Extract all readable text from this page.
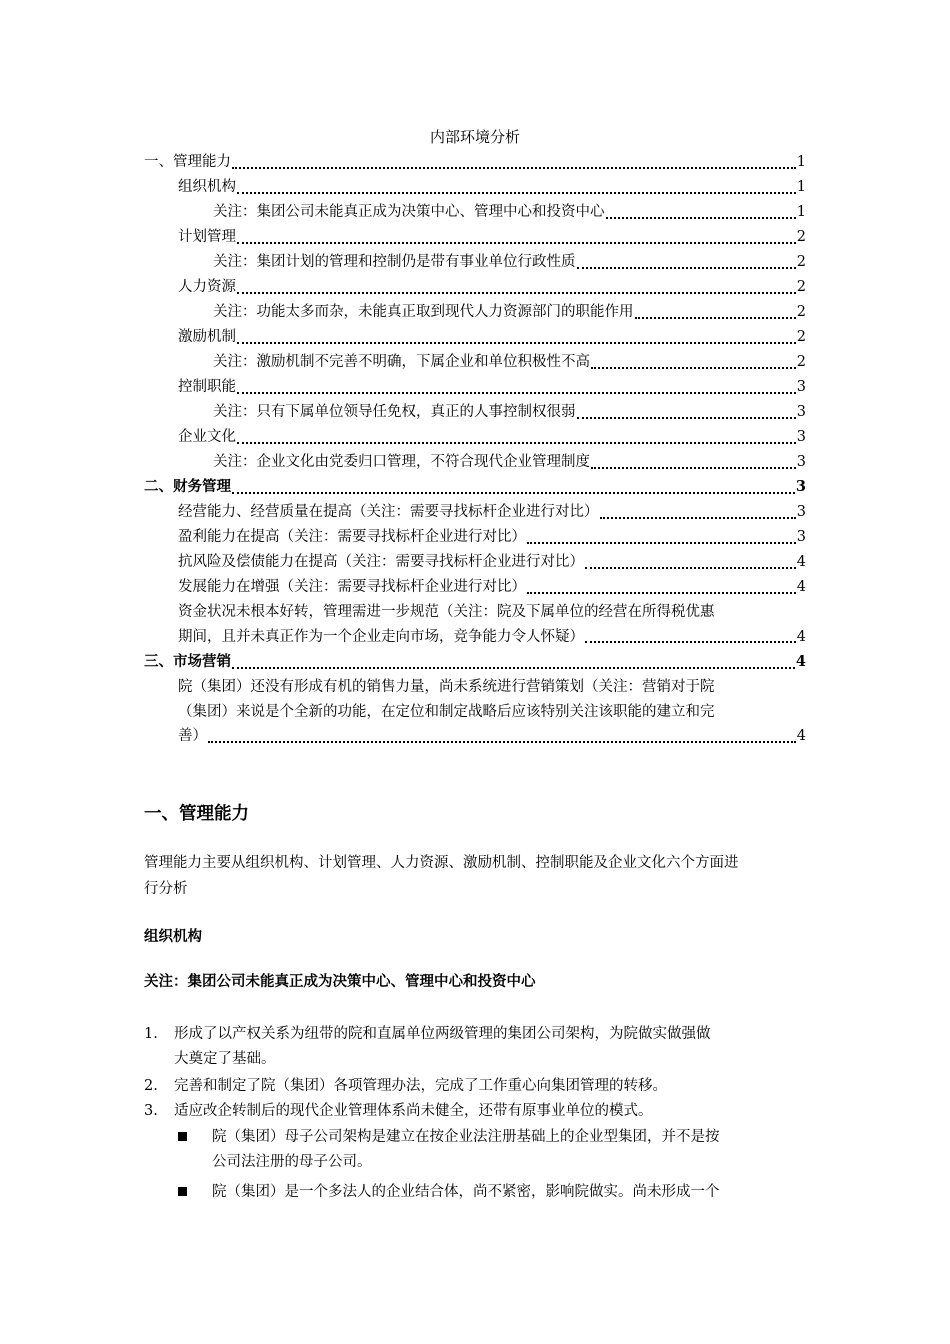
内部环境分析
一、管理能力	1
组织机构	1
关注：集团公司未能真正成为决策中心、管理中心和投资中心	1
计划管理	2
关注：集团计划的管理和控制仍是带有事业单位行政性质	2
人力资源	2
关注：功能太多而杂，未能真正取到现代人力资源部门的职能作用	2
激励机制	2
关注：激励机制不完善不明确，下属企业和单位积极性不高	2
控制职能	3
关注：只有下属单位领导任免权，真正的人事控制权很弱	3
企业文化	3
关注：企业文化由党委归口管理，不符合现代企业管理制度	3
二、财务管理	3
经营能力、经营质量在提高（关注：需要寻找标杆企业进行对比）	3
盈利能力在提高（关注：需要寻找标杆企业进行对比）	3
抗风险及偿债能力在提高（关注：需要寻找标杆企业进行对比）	4
发展能力在增强（关注：需要寻找标杆企业进行对比）	4
资金状况未根本好转，管理需进一步规范（关注：院及下属单位的经营在所得税优惠
期间，且并未真正作为一个企业走向市场，竞争能力令人怀疑）	4
三、市场营销	4
院（集团）还没有形成有机的销售力量，尚未系统进行营销策划（关注：营销对于院
（集团）来说是个全新的功能，在定位和制定战略后应该特别关注该职能的建立和完
善）	4
一、管理能力
管理能力主要从组织机构、计划管理、人力资源、激励机制、控制职能及企业文化六个方面进
行分析
组织机构
关注：集团公司未能真正成为决策中心、管理中心和投资中心
1. 形成了以产权关系为纽带的院和直属单位两级管理的集团公司架构，为院做实做强做
大奠定了基础。
2. 完善和制定了院（集团）各项管理办法，完成了工作重心向集团管理的转移。
3. 适应改企转制后的现代企业管理体系尚未健全，还带有原事业单位的模式。
院（集团）母子公司架构是建立在按企业法注册基础上的企业型集团，并不是按
公司法注册的母子公司。
院（集团）是一个多法人的企业结合体，尚不紧密，影响院做实。尚未形成一个
